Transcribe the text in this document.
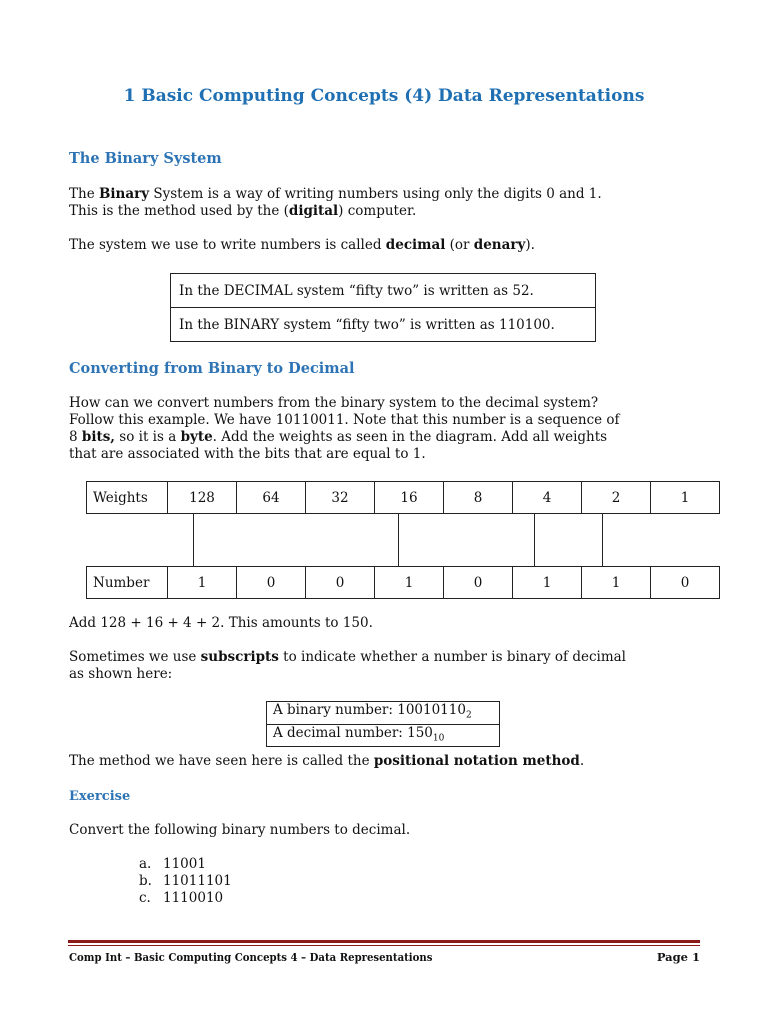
1 Basic Computing Concepts (4) Data Representations
The Binary System
The Binary System is a way of writing numbers using only the digits 0 and 1.
This is the method used by the (digital) computer.
The system we use to write numbers is called decimal (or denary).
In the DECIMAL system “fifty two” is written as 52.
In the BINARY system “fifty two” is written as 110100.
Converting from Binary to Decimal
How can we convert numbers from the binary system to the decimal system?
Follow this example. We have 10110011. Note that this number is a sequence of
8 bits, so it is a byte. Add the weights as seen in the diagram. Add all weights
that are associated with the bits that are equal to 1.
Weights	128	64	32	16	8	4	2	1
Number	1	0	0	1	0	1	1	0
Add 128 + 16 + 4 + 2. This amounts to 150.
Sometimes we use subscripts to indicate whether a number is binary of decimal
as shown here:
A binary number: $10010110_2$
A decimal number: $150_{10}$
The method we have seen here is called the positional notation method.
Exercise
Convert the following binary numbers to decimal.
a. 11001
b. 11011101
c. 1110010
Comp Int – Basic Computing Concepts 4 – Data Representations	Page 1
